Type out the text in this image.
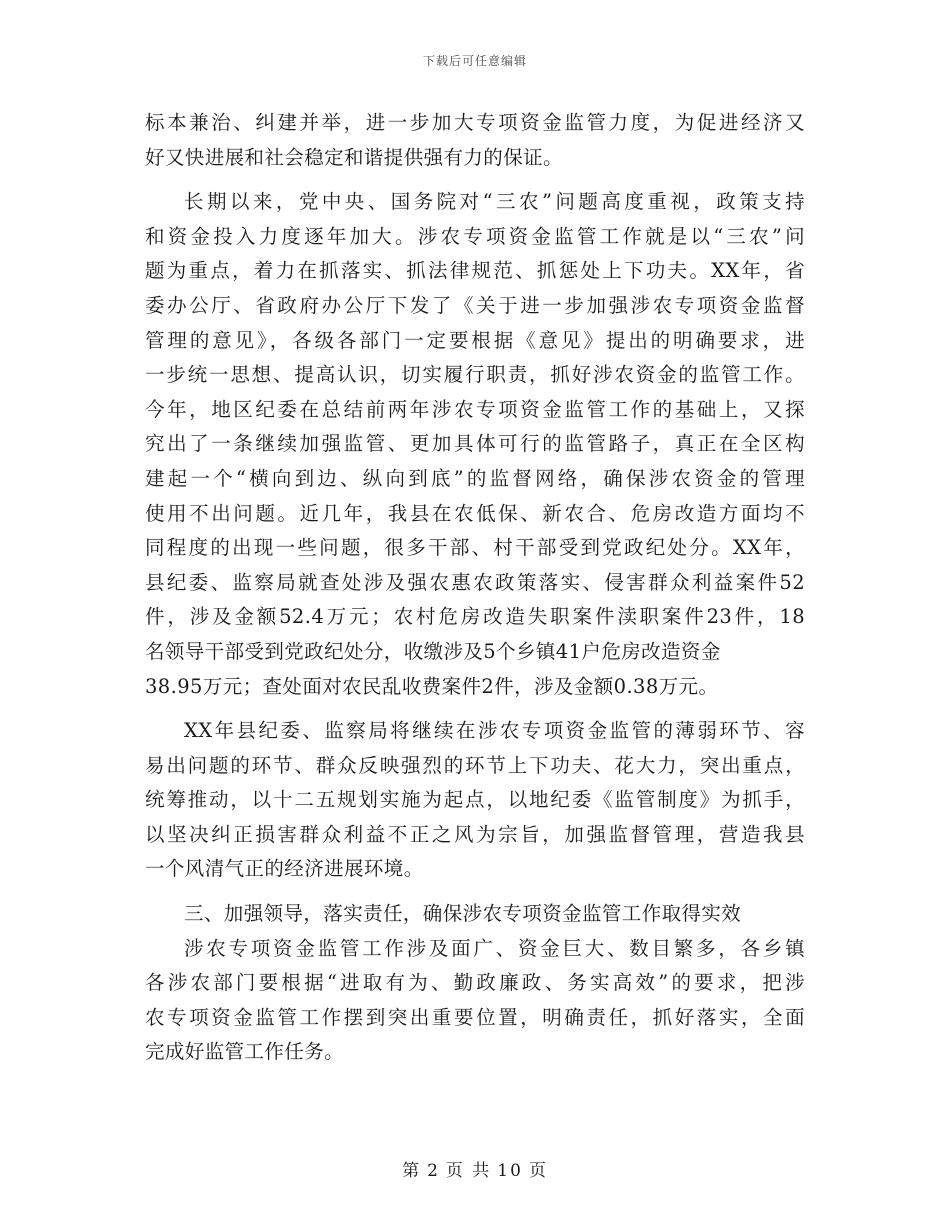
下载后可任意编辑
标本兼治、纠建并举，进一步加大专项资金监管力度，为促进经济又
好又快进展和社会稳定和谐提供强有力的保证。
长期以来，党中央、国务院对“三农”问题高度重视，政策支持
和资金投入力度逐年加大。涉农专项资金监管工作就是以“三农”问
题为重点，着力在抓落实、抓法律规范、抓惩处上下功夫。XX年，省
委办公厅、省政府办公厅下发了《关于进一步加强涉农专项资金监督
管理的意见》，各级各部门一定要根据《意见》提出的明确要求，进
一步统一思想、提高认识，切实履行职责，抓好涉农资金的监管工作。
今年，地区纪委在总结前两年涉农专项资金监管工作的基础上，又探
究出了一条继续加强监管、更加具体可行的监管路子，真正在全区构
建起一个“横向到边、纵向到底”的监督网络，确保涉农资金的管理
使用不出问题。近几年，我县在农低保、新农合、危房改造方面均不
同程度的出现一些问题，很多干部、村干部受到党政纪处分。XX年，
县纪委、监察局就查处涉及强农惠农政策落实、侵害群众利益案件52
件，涉及金额52.4万元；农村危房改造失职案件渎职案件23件，18
名领导干部受到党政纪处分，收缴涉及5个乡镇41户危房改造资金
38.95万元；查处面对农民乱收费案件2件，涉及金额0.38万元。
XX年县纪委、监察局将继续在涉农专项资金监管的薄弱环节、容
易出问题的环节、群众反映强烈的环节上下功夫、花大力，突出重点，
统筹推动，以十二五规划实施为起点，以地纪委《监管制度》为抓手，
以坚决纠正损害群众利益不正之风为宗旨，加强监督管理，营造我县
一个风清气正的经济进展环境。
三、加强领导，落实责任，确保涉农专项资金监管工作取得实效
涉农专项资金监管工作涉及面广、资金巨大、数目繁多，各乡镇
各涉农部门要根据“进取有为、勤政廉政、务实高效”的要求，把涉
农专项资金监管工作摆到突出重要位置，明确责任，抓好落实，全面
完成好监管工作任务。
第 2 页 共 10 页
